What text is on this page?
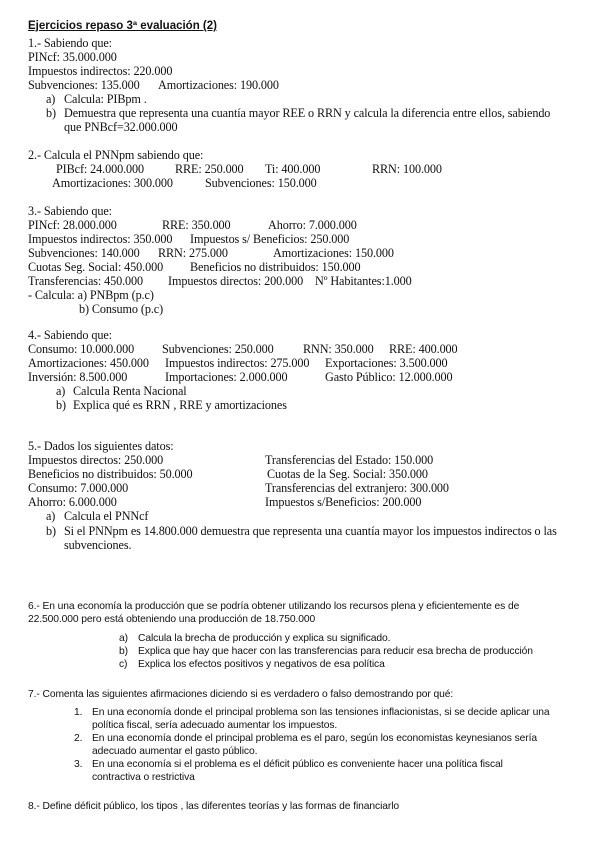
Ejercicios repaso 3ª evaluación (2)
1.- Sabiendo que:
PINcf: 35.000.000
Impuestos indirectos: 220.000
Subvenciones: 135.000 Amortizaciones: 190.000
a) Calcula: PIBpm .
b) Demuestra que representa una cuantía mayor REE o RRN y calcula la diferencia entre ellos, sabiendo
que PNBcf=32.000.000
2.- Calcula el PNNpm sabiendo que:
PIBcf: 24.000.000	RRE: 250.000 Ti: 400.000	RRN: 100.000
Amortizaciones: 300.000	Subvenciones: 150.000
3.- Sabiendo que:
PINcf: 28.000.000	RRE: 350.000	Ahorro: 7.000.000
Impuestos indirectos: 350.000 Impuestos s/ Beneficios: 250.000
Subvenciones: 140.000 RRN: 275.000	Amortizaciones: 150.000
Cuotas Seg. Social: 450.000 Beneficios no distribuidos: 150.000
Transferencias: 450.000 Impuestos directos: 200.000 Nº Habitantes:1.000
- Calcula: a) PNBpm (p.c)
b) Consumo (p.c)
4.- Sabiendo que:
Consumo: 10.000.000 Subvenciones: 250.000 RNN: 350.000 RRE: 400.000
Amortizaciones: 450.000 Impuestos indirectos: 275.000 Exportaciones: 3.500.000
Inversión: 8.500.000	Importaciones: 2.000.000	Gasto Público: 12.000.000
a) Calcula Renta Nacional
b) Explica qué es RRN , RRE y amortizaciones
5.- Dados los siguientes datos:
Impuestos directos: 250.000	Transferencias del Estado: 150.000
Beneficios no distribuidos: 50.000	Cuotas de la Seg. Social: 350.000
Consumo: 7.000.000	Transferencias del extranjero: 300.000
Ahorro: 6.000.000	Impuestos s/Beneficios: 200.000
a) Calcula el PNNcf
b) Si el PNNpm es 14.800.000 demuestra que representa una cuantía mayor los impuestos indirectos o las
subvenciones.
6.- En una economía la producción que se podría obtener utilizando los recursos plena y eficientemente es de
22.500.000 pero está obteniendo una producción de 18.750.000
a) Calcula la brecha de producción y explica su significado.
b) Explica que hay que hacer con las transferencias para reducir esa brecha de producción
c) Explica los efectos positivos y negativos de esa política
7.- Comenta las siguientes afirmaciones diciendo si es verdadero o falso demostrando por qué:
1. En una economía donde el principal problema son las tensiones inflacionistas, si se decide aplicar una
política fiscal, sería adecuado aumentar los impuestos.
2. En una economía donde el principal problema es el paro, según los economistas keynesianos sería
adecuado aumentar el gasto público.
3. En una economía si el problema es el déficit público es conveniente hacer una política fiscal
contractiva o restrictiva
8.- Define déficit público, los tipos , las diferentes teorías y las formas de financiarlo
